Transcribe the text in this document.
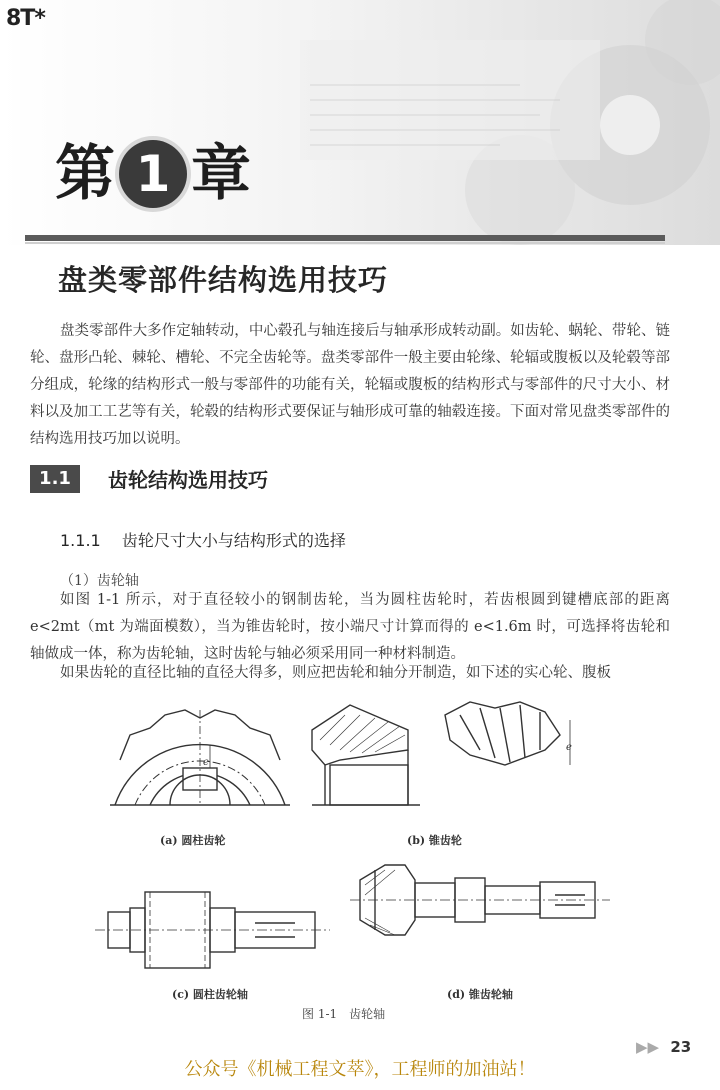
8T*
第 1 章
盘类零部件结构选用技巧
盘类零部件大多作定轴转动，中心毂孔与轴连接后与轴承形成转动副。如齿轮、蜗轮、带轮、链轮、盘形凸轮、棘轮、槽轮、不完全齿轮等。盘类零部件一般主要由轮缘、轮辐或腹板以及轮毂等部分组成，轮缘的结构形式一般与零部件的功能有关，轮辐或腹板的结构形式与零部件的尺寸大小、材料以及加工工艺等有关，轮毂的结构形式要保证与轴形成可靠的轴毂连接。下面对常见盘类零部件的结构选用技巧加以说明。
1.1	齿轮结构选用技巧
1.1.1 齿轮尺寸大小与结构形式的选择
（1）齿轮轴
如图 1-1 所示，对于直径较小的钢制齿轮，当为圆柱齿轮时，若齿根圆到键槽底部的距离 e<2mt（mt 为端面模数），当为锥齿轮时，按小端尺寸计算而得的 e<1.6m 时，可选择将齿轮和轴做成一体，称为齿轮轴，这时齿轮与轴必须采用同一种材料制造。
如果齿轮的直径比轴的直径大得多，则应把齿轮和轴分开制造，如下述的实心轮、腹板
e
e
(a) 圆柱齿轮	(b) 锥齿轮
(c) 圆柱齿轮轴	(d) 锥齿轮轴
图 1-1　齿轮轴
▶▶ 23
公众号《机械工程文萃》，工程师的加油站！
